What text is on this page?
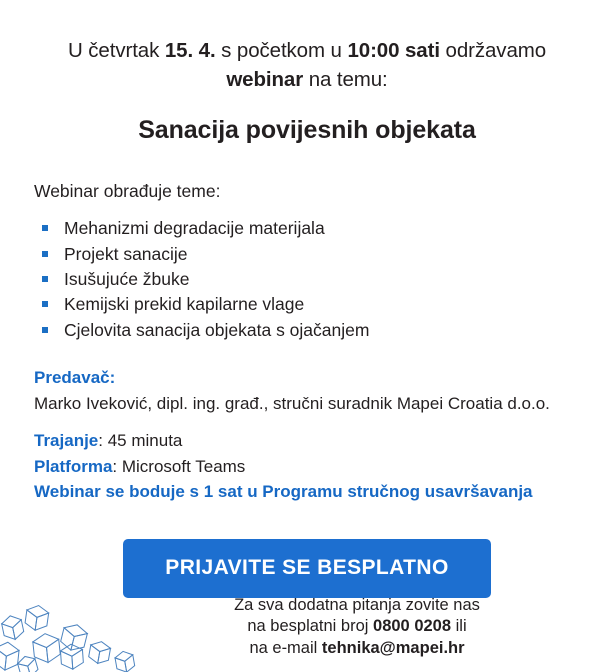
U četvrtak 15. 4. s početkom u 10:00 sati održavamo webinar na temu:

Sanacija povijesnih objekata

Webinar obrađuje teme:

Mehanizmi degradacije materijala
Projekt sanacije
Isušujuće žbuke
Kemijski prekid kapilarne vlage
Cjelovita sanacija objekata s ojačanjem
Predavač:
Marko Iveković, dipl. ing. građ., stručni suradnik Mapei Croatia d.o.o.
Trajanje: 45 minuta
Platforma: Microsoft Teams
Webinar se boduje s 1 sat u Programu stručnog usavršavanja
PRIJAVITE SE BESPLATNO
Za sva dodatna pitanja zovite nas
na besplatni broj 0800 0208 ili
na e-mail tehnika@mapei.hr
